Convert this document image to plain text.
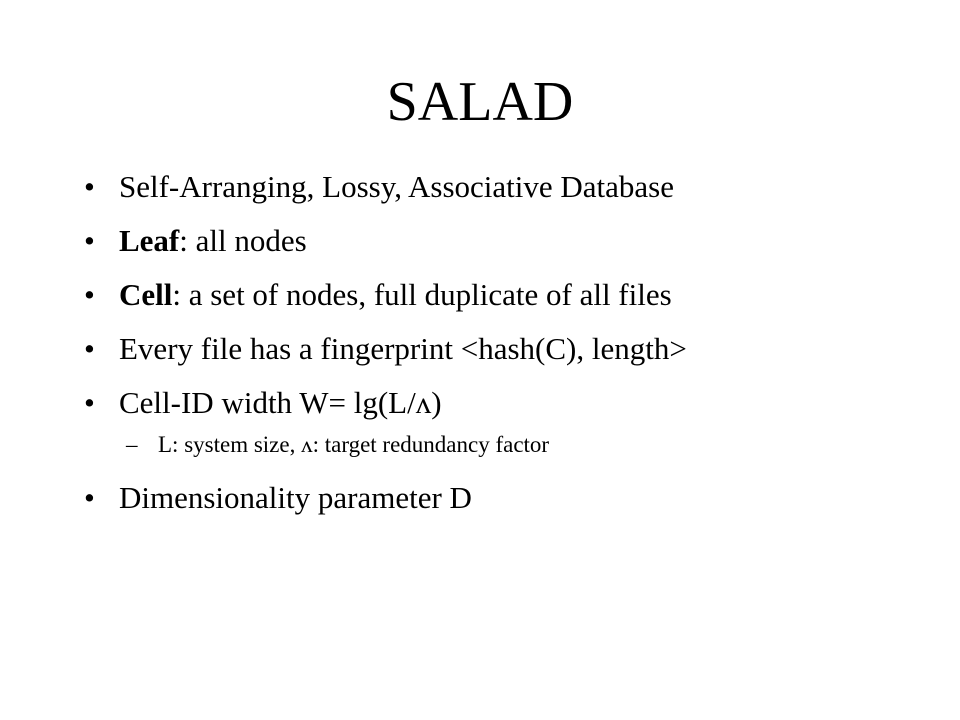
SALAD
• Self-Arranging, Lossy, Associative Database
• Leaf: all nodes
• Cell: a set of nodes, full duplicate of all files
• Every file has a fingerprint <hash(C), length>
• Cell-ID width W= lg(L/ʌ)
– L: system size, ʌ: target redundancy factor
• Dimensionality parameter D
